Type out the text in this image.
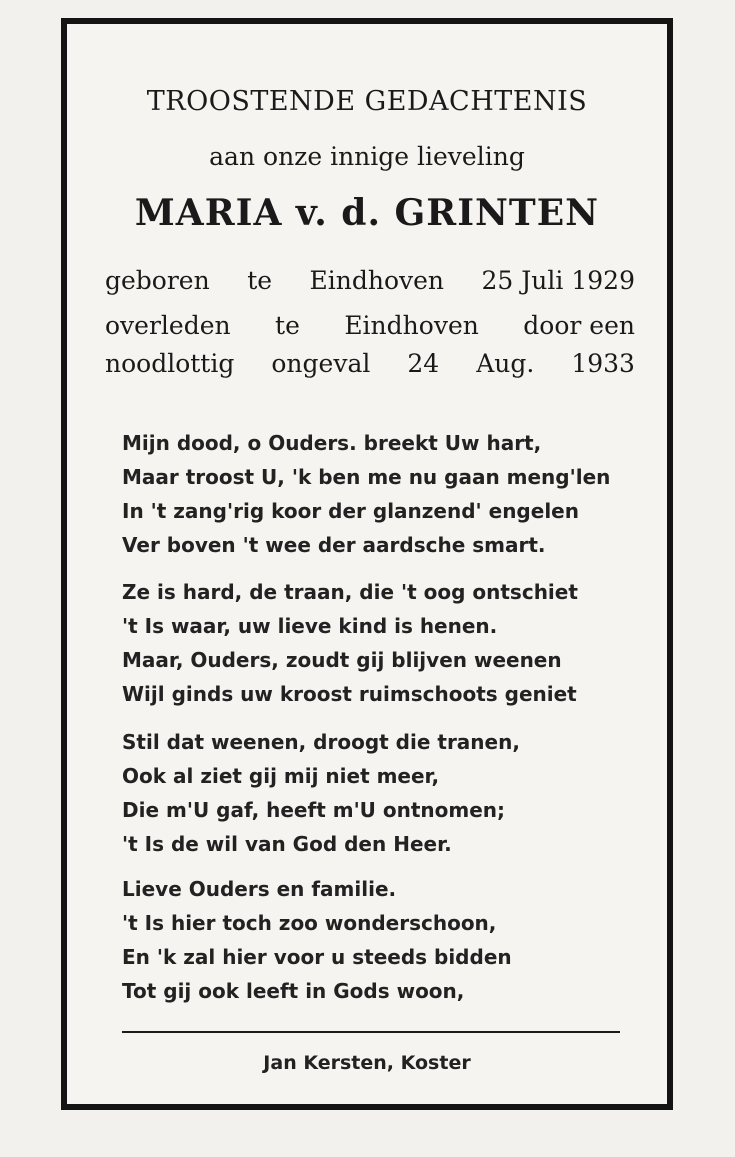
TROOSTENDE GEDACHTENIS
aan onze innige lieveling
MARIA v. d. GRINTEN
geboren te Eindhoven 25 Juli 1929
overleden te Eindhoven door een
noodlottig ongeval 24 Aug. 1933
Mijn dood, o Ouders. breekt Uw hart,
Maar troost U, 'k ben me nu gaan meng'len
In 't zang'rig koor der glanzend' engelen
Ver boven 't wee der aardsche smart.
Ze is hard, de traan, die 't oog ontschiet
't Is waar, uw lieve kind is henen.
Maar, Ouders, zoudt gij blijven weenen
Wijl ginds uw kroost ruimschoots geniet
Stil dat weenen, droogt die tranen,
Ook al ziet gij mij niet meer,
Die m'U gaf, heeft m'U ontnomen;
't Is de wil van God den Heer.
Lieve Ouders en familie.
't Is hier toch zoo wonderschoon,
En 'k zal hier voor u steeds bidden
Tot gij ook leeft in Gods woon,
Jan Kersten, Koster
